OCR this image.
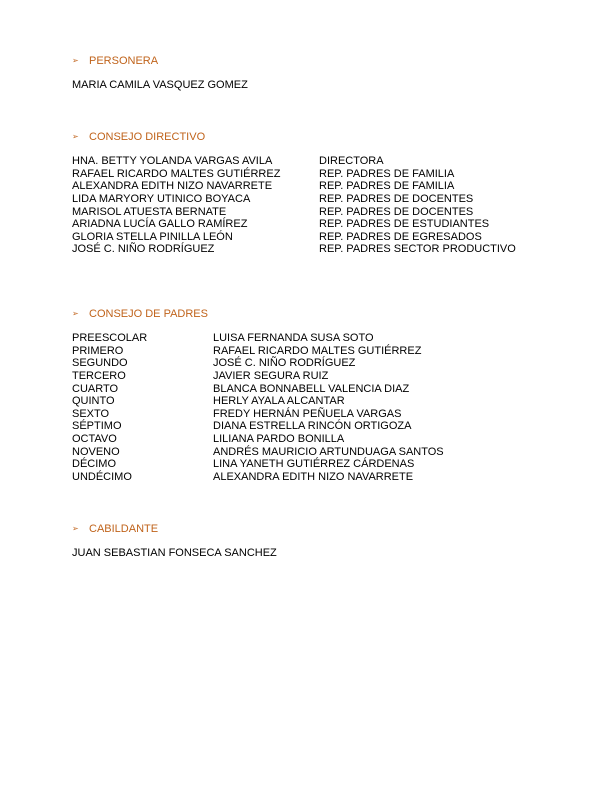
➢ PERSONERA
MARIA CAMILA VASQUEZ GOMEZ
➢ CONSEJO DIRECTIVO
HNA. BETTY YOLANDA VARGAS AVILA
RAFAEL RICARDO MALTES GUTIÉRREZ
ALEXANDRA EDITH NIZO NAVARRETE
LIDA MARYORY UTINICO BOYACA
MARISOL ATUESTA BERNATE
ARIADNA LUCÍA GALLO RAMÍREZ
GLORIA STELLA PINILLA LEÓN
JOSÉ C. NIÑO RODRÍGUEZ
DIRECTORA
REP. PADRES DE FAMILIA
REP. PADRES DE FAMILIA
REP. PADRES DE DOCENTES
REP. PADRES DE DOCENTES
REP. PADRES DE ESTUDIANTES
REP. PADRES DE EGRESADOS
REP. PADRES SECTOR PRODUCTIVO
➢ CONSEJO DE PADRES
PREESCOLAR
PRIMERO
SEGUNDO
TERCERO
CUARTO
QUINTO
SEXTO
SÉPTIMO
OCTAVO
NOVENO
DÉCIMO
UNDÉCIMO
LUISA FERNANDA SUSA SOTO
RAFAEL RICARDO MALTES GUTIÉRREZ
JOSÉ C. NIÑO RODRÍGUEZ
JAVIER SEGURA RUIZ
BLANCA BONNABELL VALENCIA DIAZ
HERLY AYALA ALCANTAR
FREDY HERNÁN PEÑUELA VARGAS
DIANA ESTRELLA RINCÓN ORTIGOZA
LILIANA PARDO BONILLA
ANDRÉS MAURICIO ARTUNDUAGA SANTOS
LINA YANETH GUTIÉRREZ CÁRDENAS
ALEXANDRA EDITH NIZO NAVARRETE
➢ CABILDANTE
JUAN SEBASTIAN FONSECA SANCHEZ
